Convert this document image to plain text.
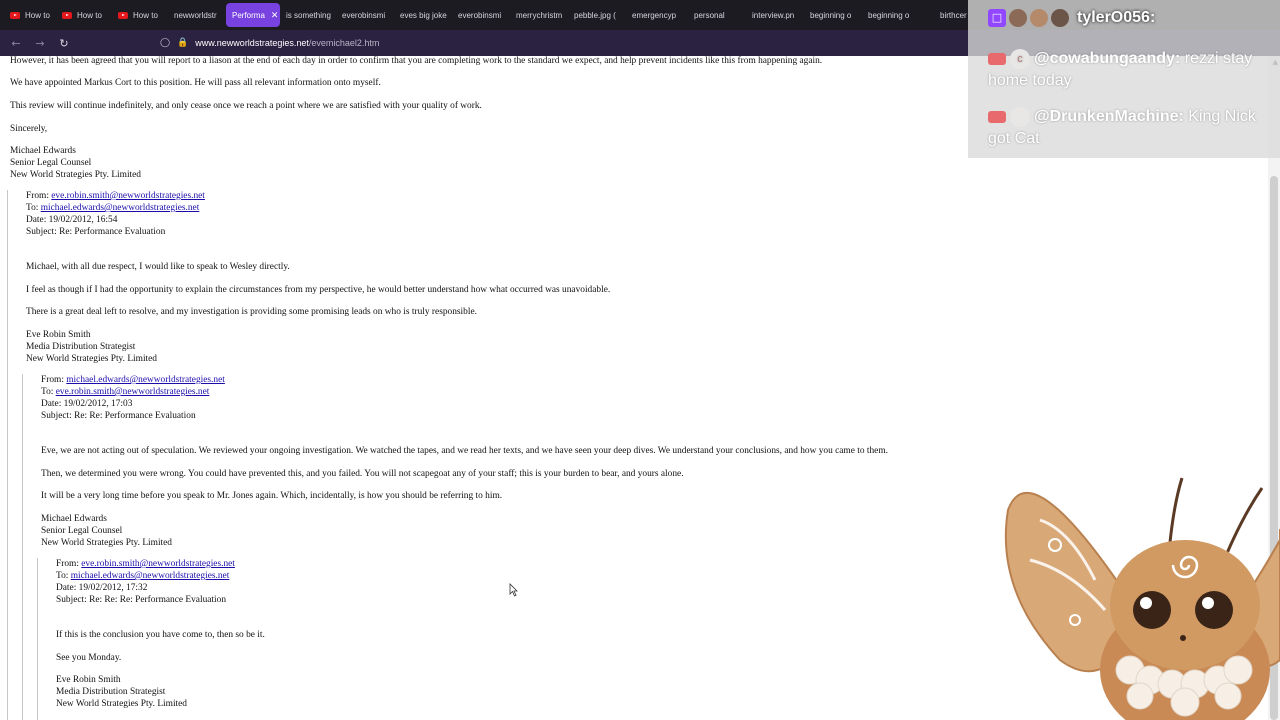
How to	How to	How to newworldstr Performa ✕ is something everobinsmi eves big joke everobinsmi merrychristm pebble.jpg ( emergencyp personal	interview.pn beginning o beginning o	birthcer
←	→	↻	◯ 🔒 www.newworldstrategies.net /evemichael2.htm
However, it has been agreed that you will report to a liason at the end of each day in order to confirm that you are completing work to the standard we expect, and help prevent incidents like this from happening again.
We have appointed Markus Cort to this position. He will pass all relevant information onto myself.
This review will continue indefinitely, and only cease once we reach a point where we are satisfied with your quality of work.
Sincerely,
Michael Edwards
Senior Legal Counsel
New World Strategies Pty. Limited
From: eve.robin.smith@newworldstrategies.net
To: michael.edwards@newworldstrategies.net
Date: 19/02/2012, 16:54
Subject: Re: Performance Evaluation
Michael, with all due respect, I would like to speak to Wesley directly.
I feel as though if I had the opportunity to explain the circumstances from my perspective, he would better understand how what occurred was unavoidable.
There is a great deal left to resolve, and my investigation is providing some promising leads on who is truly responsible.
Eve Robin Smith
Media Distribution Strategist
New World Strategies Pty. Limited
From: michael.edwards@newworldstrategies.net
To: eve.robin.smith@newworldstrategies.net
Date: 19/02/2012, 17:03
Subject: Re: Re: Performance Evaluation
Eve, we are not acting out of speculation. We reviewed your ongoing investigation. We watched the tapes, and we read her texts, and we have seen your deep dives. We understand your conclusions, and how you came to them.
Then, we determined you were wrong. You could have prevented this, and you failed. You will not scapegoat any of your staff; this is your burden to bear, and yours alone.
It will be a very long time before you speak to Mr. Jones again. Which, incidentally, is how you should be referring to him.
Michael Edwards
Senior Legal Counsel
New World Strategies Pty. Limited
From: eve.robin.smith@newworldstrategies.net
To: michael.edwards@newworldstrategies.net
Date: 19/02/2012, 17:32
Subject: Re: Re: Re: Performance Evaluation
If this is the conclusion you have come to, then so be it.
See you Monday.
Eve Robin Smith
Media Distribution Strategist
New World Strategies Pty. Limited
c @cowabungaandy: rezzi stay home today
@DrunkenMachine: King Nick got Cat
□	tylerO056:
